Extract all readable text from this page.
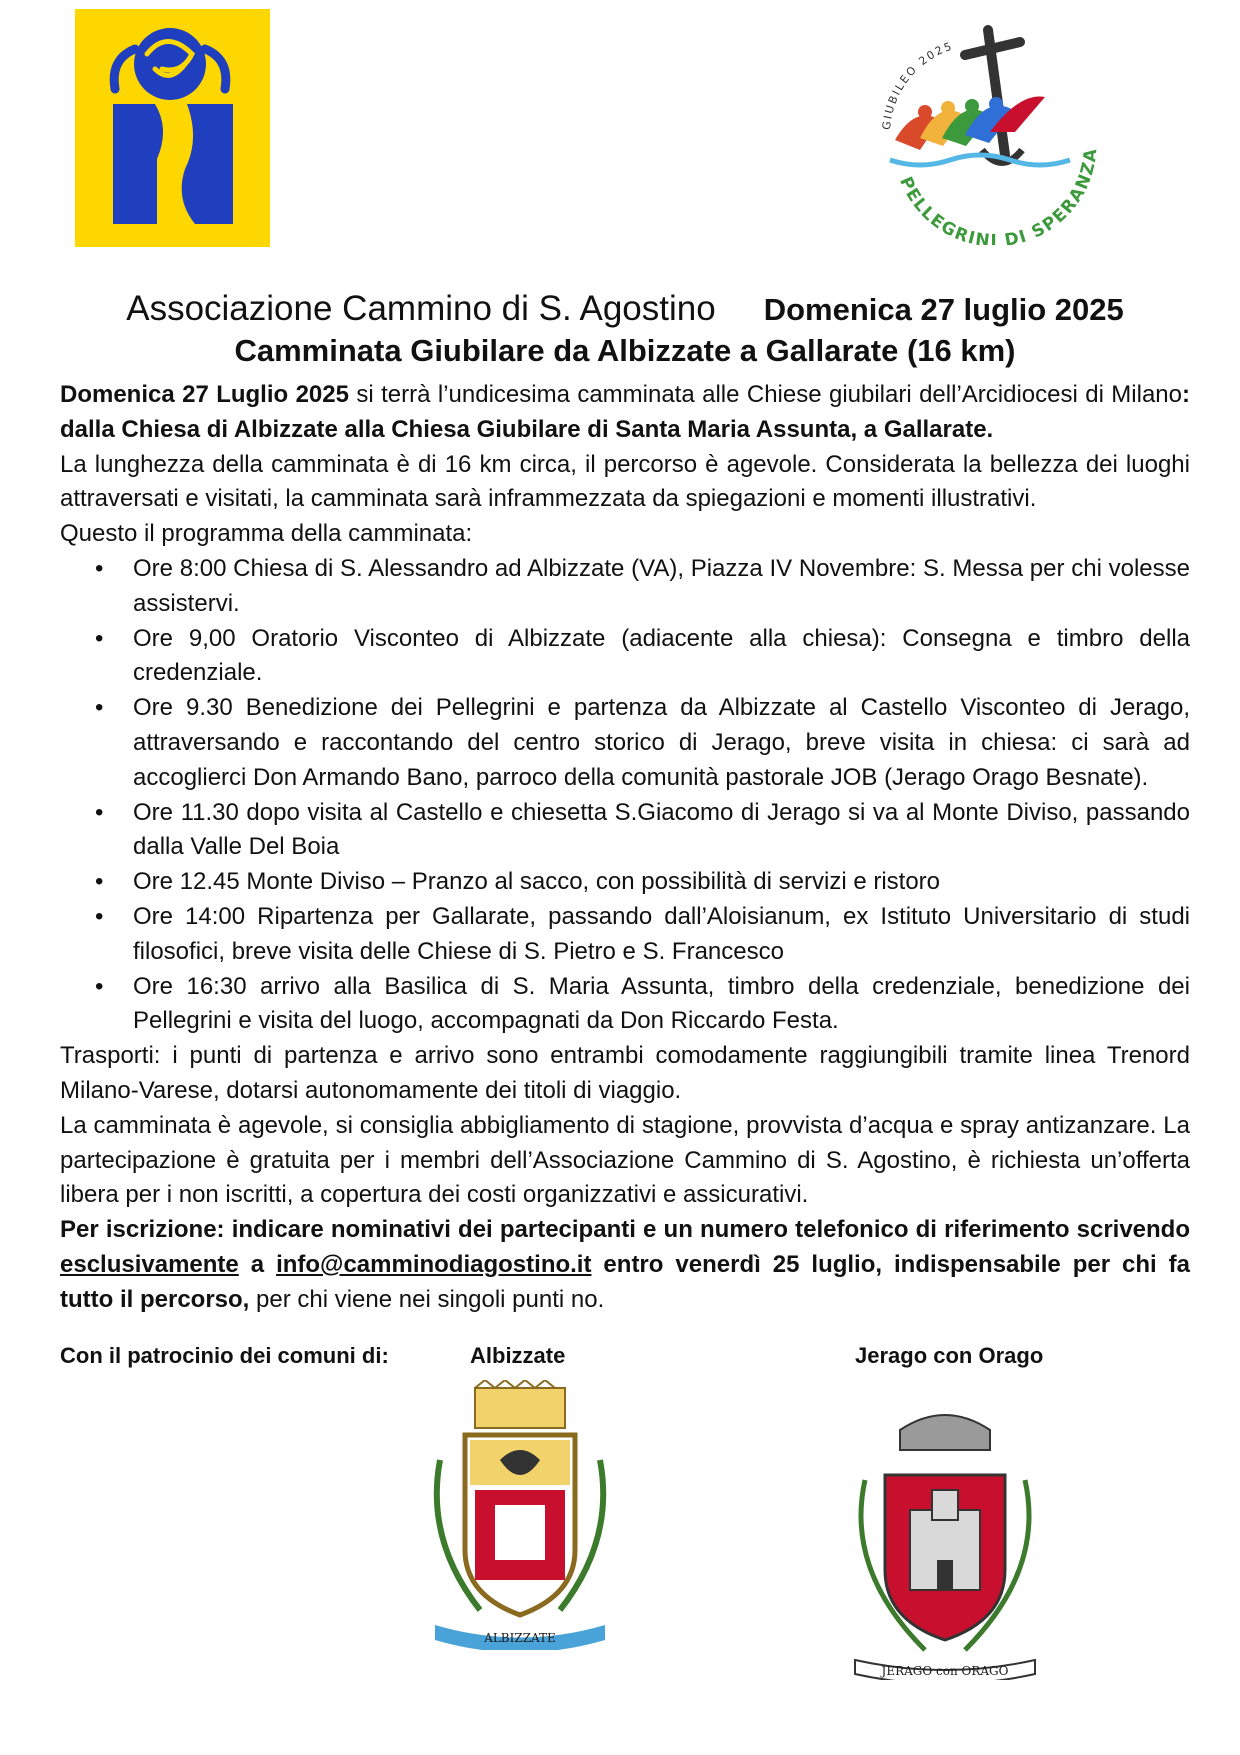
GIUBILEO 2025
PELLEGRINI DI SPERANZA
Associazione Cammino di S. Agostino Domenica 27 luglio 2025
Camminata Giubilare da Albizzate a Gallarate (16 km)

Domenica 27 Luglio 2025 si terrà l’undicesima camminata alle Chiese giubilari dell’Arcidiocesi di Milano: dalla Chiesa di Albizzate alla Chiesa Giubilare di Santa Maria Assunta, a Gallarate.

La lunghezza della camminata è di 16 km circa, il percorso è agevole. Considerata la bellezza dei luoghi attraversati e visitati, la camminata sarà inframmezzata da spiegazioni e momenti illustrativi.

Questo il programma della camminata:

• Ore 8:00 Chiesa di S. Alessandro ad Albizzate (VA), Piazza IV Novembre: S. Messa per chi volesse assistervi.
• Ore 9,00 Oratorio Visconteo di Albizzate (adiacente alla chiesa): Consegna e timbro della credenziale.
• Ore 9.30 Benedizione dei Pellegrini e partenza da Albizzate al Castello Visconteo di Jerago, attraversando e raccontando del centro storico di Jerago, breve visita in chiesa: ci sarà ad accoglierci Don Armando Bano, parroco della comunità pastorale JOB (Jerago Orago Besnate).
• Ore 11.30 dopo visita al Castello e chiesetta S.Giacomo di Jerago si va al Monte Diviso, passando dalla Valle Del Boia
• Ore 12.45 Monte Diviso – Pranzo al sacco, con possibilità di servizi e ristoro
• Ore 14:00 Ripartenza per Gallarate, passando dall’Aloisianum, ex Istituto Universitario di studi filosofici, breve visita delle Chiese di S. Pietro e S. Francesco
• Ore 16:30 arrivo alla Basilica di S. Maria Assunta, timbro della credenziale, benedizione dei Pellegrini e visita del luogo, accompagnati da Don Riccardo Festa.

Trasporti: i punti di partenza e arrivo sono entrambi comodamente raggiungibili tramite linea Trenord Milano-Varese, dotarsi autonomamente dei titoli di viaggio.

La camminata è agevole, si consiglia abbigliamento di stagione, provvista d’acqua e spray antizanzare. La partecipazione è gratuita per i membri dell’Associazione Cammino di S. Agostino, è richiesta un’offerta libera per i non iscritti, a copertura dei costi organizzativi e assicurativi.

Per iscrizione: indicare nominativi dei partecipanti e un numero telefonico di riferimento scrivendo esclusivamente a info@camminodiagostino.it entro venerdì 25 luglio, indispensabile per chi fa tutto il percorso, per chi viene nei singoli punti no.

Con il patrocinio dei comuni di:	Albizzate	Jerago con Orago
ALBIZZATE
JERAGO con ORAGO
